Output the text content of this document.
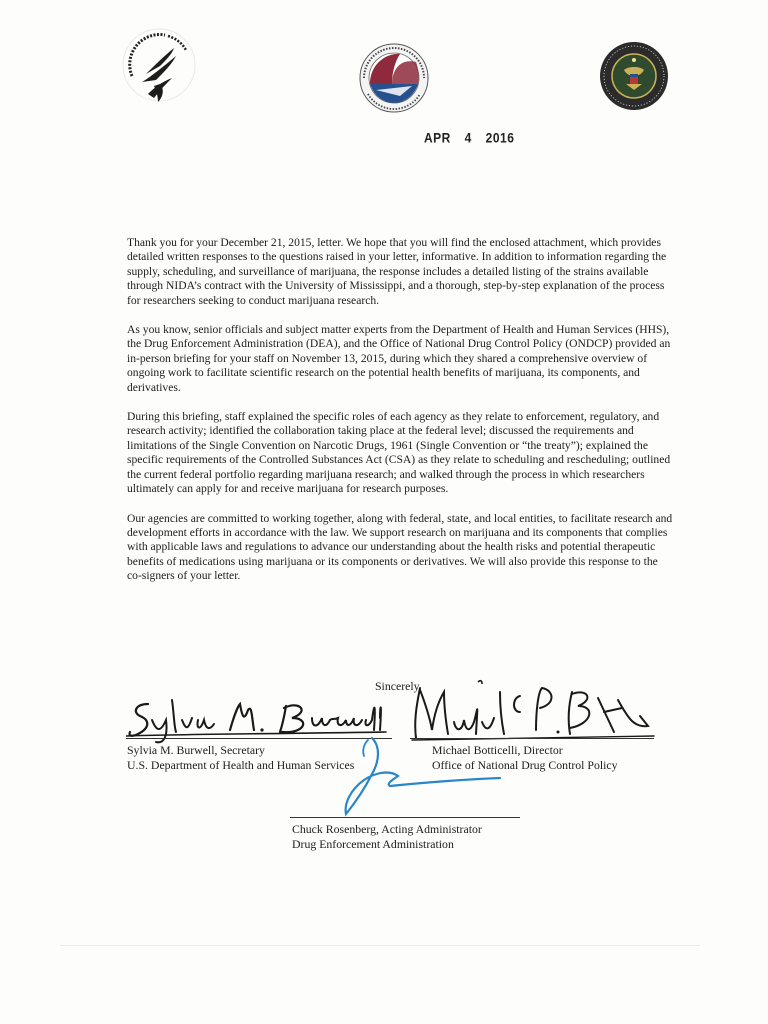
APR 4 2016

Thank you for your December 21, 2015, letter. We hope that you will find the enclosed attachment, which provides detailed written responses to the questions raised in your letter, informative. In addition to information regarding the supply, scheduling, and surveillance of marijuana, the response includes a detailed listing of the strains available through NIDA’s contract with the University of Mississippi, and a thorough, step-by-step explanation of the process for researchers seeking to conduct marijuana research.

As you know, senior officials and subject matter experts from the Department of Health and Human Services (HHS), the Drug Enforcement Administration (DEA), and the Office of National Drug Control Policy (ONDCP) provided an in-person briefing for your staff on November 13, 2015, during which they shared a comprehensive overview of ongoing work to facilitate scientific research on the potential health benefits of marijuana, its components, and derivatives.

During this briefing, staff explained the specific roles of each agency as they relate to enforcement, regulatory, and research activity; identified the collaboration taking place at the federal level; discussed the requirements and limitations of the Single Convention on Narcotic Drugs, 1961 (Single Convention or “the treaty”); explained the specific requirements of the Controlled Substances Act (CSA) as they relate to scheduling and rescheduling; outlined the current federal portfolio regarding marijuana research; and walked through the process in which researchers ultimately can apply for and receive marijuana for research purposes.

Our agencies are committed to working together, along with federal, state, and local entities, to facilitate research and development efforts in accordance with the law. We support research on marijuana and its components that complies with applicable laws and regulations to advance our understanding about the health risks and potential therapeutic benefits of medications using marijuana or its components or derivatives. We will also provide this response to the co-signers of your letter.

Sincerely,
Sylvia M. Burwell, Secretary
U.S. Department of Health and Human Services
Michael Botticelli, Director
Office of National Drug Control Policy
Chuck Rosenberg, Acting Administrator
Drug Enforcement Administration
